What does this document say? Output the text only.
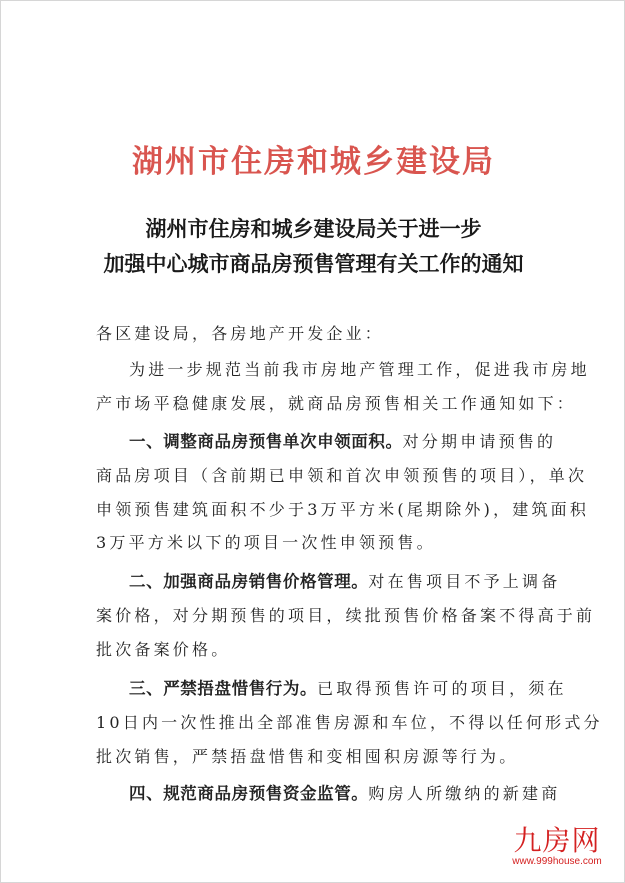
湖州市住房和城乡建设局
湖州市住房和城乡建设局关于进一步
加强中心城市商品房预售管理有关工作的通知
各区建设局，各房地产开发企业：
为进一步规范当前我市房地产管理工作，促进我市房地
产市场平稳健康发展，就商品房预售相关工作通知如下：
一、调整商品房预售单次申领面积。对分期申请预售的
商品房项目（含前期已申领和首次申领预售的项目），单次
申领预售建筑面积不少于3万平方米(尾期除外)，建筑面积
3万平方米以下的项目一次性申领预售。
二、加强商品房销售价格管理。对在售项目不予上调备
案价格，对分期预售的项目，续批预售价格备案不得高于前
批次备案价格。
三、严禁捂盘惜售行为。已取得预售许可的项目，须在
10日内一次性推出全部准售房源和车位，不得以任何形式分
批次销售，严禁捂盘惜售和变相囤积房源等行为。
四、规范商品房预售资金监管。购房人所缴纳的新建商
九房网
www.999house.com
